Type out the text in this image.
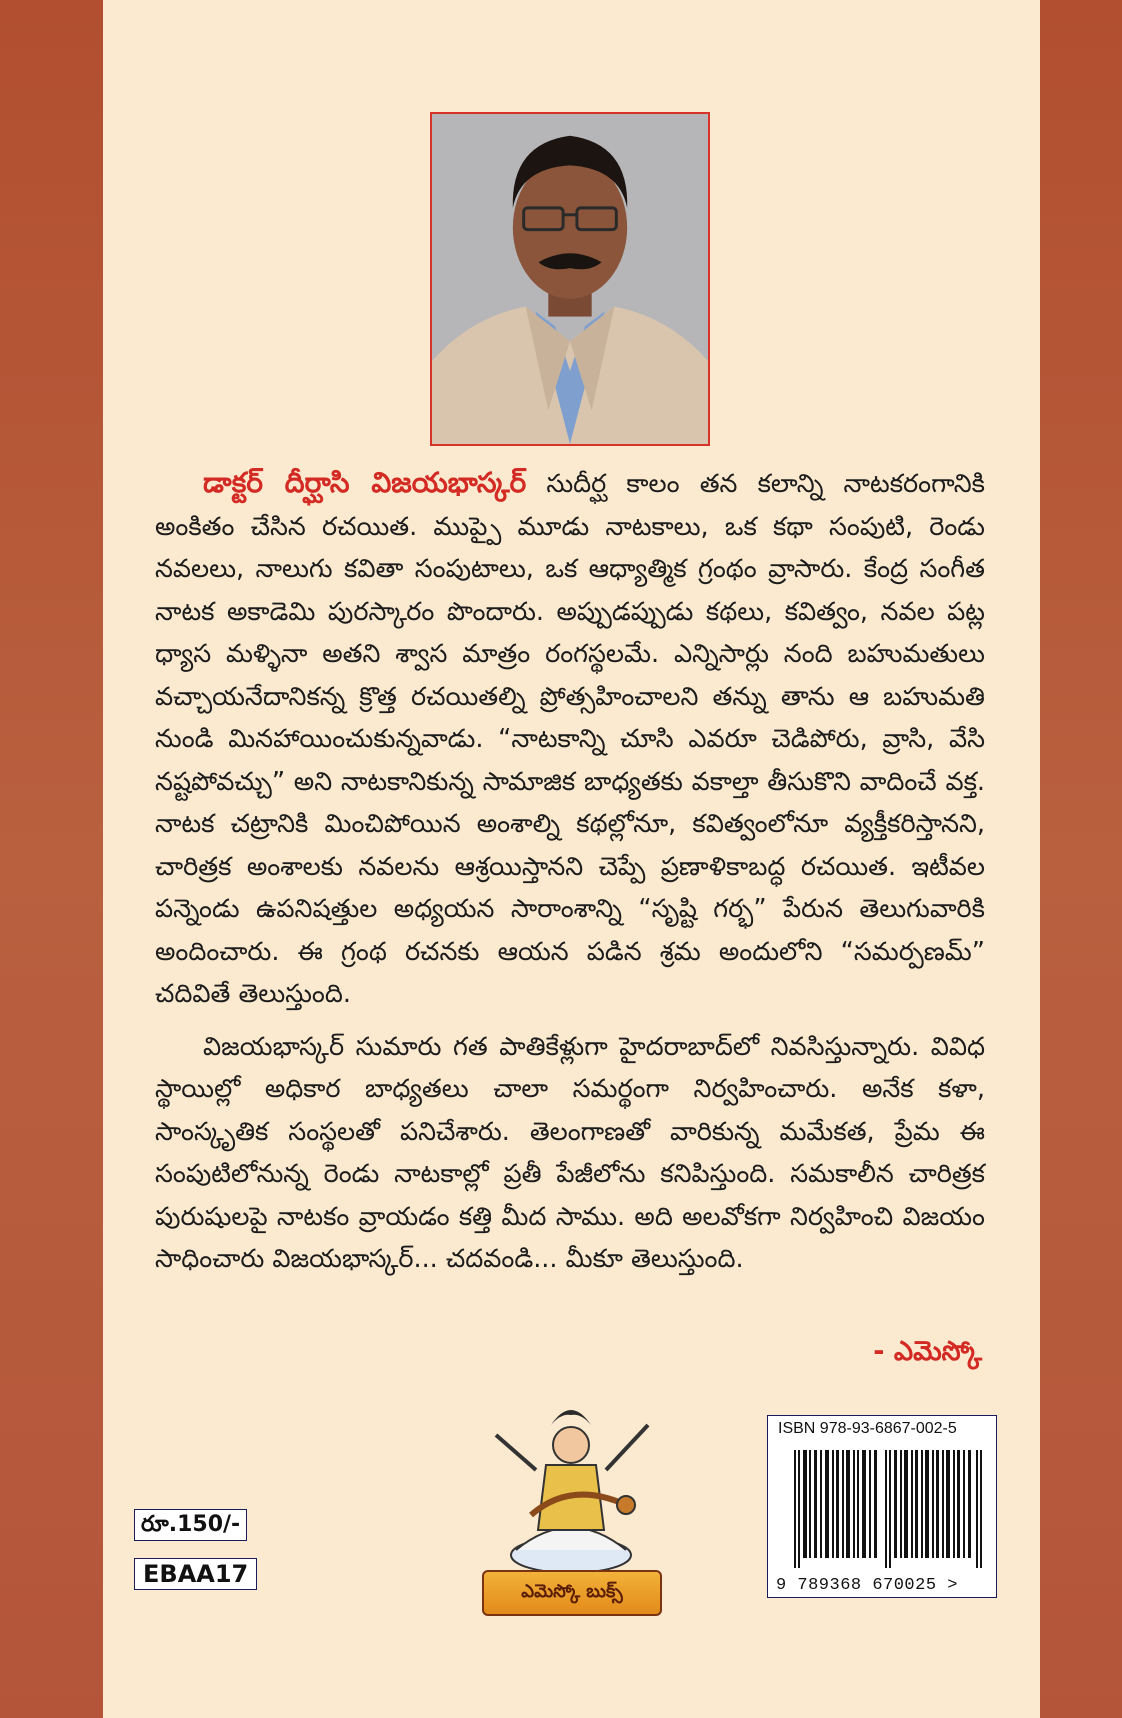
డాక్టర్ దీర్ఘాసి విజయభాస్కర్ సుదీర్ఘ కాలం తన కలాన్ని నాటకరంగానికి అంకితం చేసిన రచయిత. ముప్పై మూడు నాటకాలు, ఒక కథా సంపుటి, రెండు నవలలు, నాలుగు కవితా సంపుటాలు, ఒక ఆధ్యాత్మిక గ్రంథం వ్రాసారు. కేంద్ర సంగీత నాటక అకాడెమి పురస్కారం పొందారు. అప్పుడప్పుడు కథలు, కవిత్వం, నవల పట్ల ధ్యాస మళ్ళినా అతని శ్వాస మాత్రం రంగస్థలమే. ఎన్నిసార్లు నంది బహుమతులు వచ్చాయనేదానికన్న క్రొత్త రచయితల్ని ప్రోత్సహించాలని తన్ను తాను ఆ బహుమతి నుండి మినహాయించుకున్నవాడు. “నాటకాన్ని చూసి ఎవరూ చెడిపోరు, వ్రాసి, వేసి నష్టపోవచ్చు” అని నాటకానికున్న సామాజిక బాధ్యతకు వకాల్తా తీసుకొని వాదించే వక్త. నాటక చట్రానికి మించిపోయిన అంశాల్ని కథల్లోనూ, కవిత్వంలోనూ వ్యక్తీకరిస్తానని, చారిత్రక అంశాలకు నవలను ఆశ్రయిస్తానని చెప్పే ప్రణాళికాబద్ధ రచయిత. ఇటీవల పన్నెండు ఉపనిషత్తుల అధ్యయన సారాంశాన్ని “సృష్టి గర్భ” పేరున తెలుగువారికి అందించారు. ఈ గ్రంథ రచనకు ఆయన పడిన శ్రమ అందులోని “సమర్పణమ్” చదివితే తెలుస్తుంది.

విజయభాస్కర్ సుమారు గత పాతికేళ్లుగా హైదరాబాద్‌లో నివసిస్తున్నారు. వివిధ స్థాయిల్లో అధికార బాధ్యతలు చాలా సమర్థంగా నిర్వహించారు. అనేక కళా, సాంస్కృతిక సంస్థలతో పనిచేశారు. తెలంగాణతో వారికున్న మమేకత, ప్రేమ ఈ సంపుటిలోనున్న రెండు నాటకాల్లో ప్రతీ పేజీలోను కనిపిస్తుంది. సమకాలీన చారిత్రక పురుషులపై నాటకం వ్రాయడం కత్తి మీద సాము. అది అలవోకగా నిర్వహించి విజయం సాధించారు విజయభాస్కర్... చదవండి... మీకూ తెలుస్తుంది.

- ఎమెస్కో
రూ.150/-
EBAA17
ఎమెస్కో బుక్స్
ISBN 978-93-6867-002-5
9 789368 670025 >
